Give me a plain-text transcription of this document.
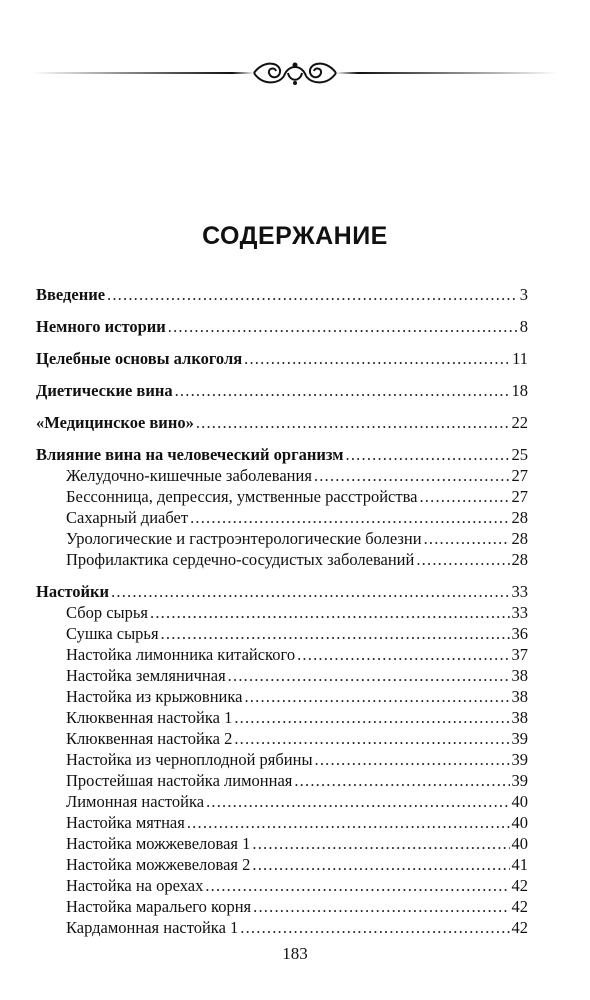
СОДЕРЖАНИЕ
Введение .....	3
Немного истории .....	8
Целебные основы алкоголя .....	11
Диетические вина .....	18
«Медицинское вино» .....	22
Влияние вина на человеческий организм .....	25
Желудочно-кишечные заболевания .....	27
Бессонница, депрессия, умственные расстройства .....	27
Сахарный диабет .....	28
Урологические и гастроэнтерологические болезни .....	28
Профилактика сердечно-сосудистых заболеваний .....	28
Настойки .....	33
Сбор сырья .....	33
Сушка сырья .....	36
Настойка лимонника китайского .....	37
Настойка земляничная .....	38
Настойка из крыжовника .....	38
Клюквенная настойка 1 .....	38
Клюквенная настойка 2 .....	39
Настойка из черноплодной рябины .....	39
Простейшая настойка лимонная .....	39
Лимонная настойка .....	40
Настойка мятная .....	40
Настойка можжевеловая 1 .....	40
Настойка можжевеловая 2 .....	41
Настойка на орехах .....	42
Настойка маральего корня .....	42
Кардамонная настойка 1 .....	42
183
